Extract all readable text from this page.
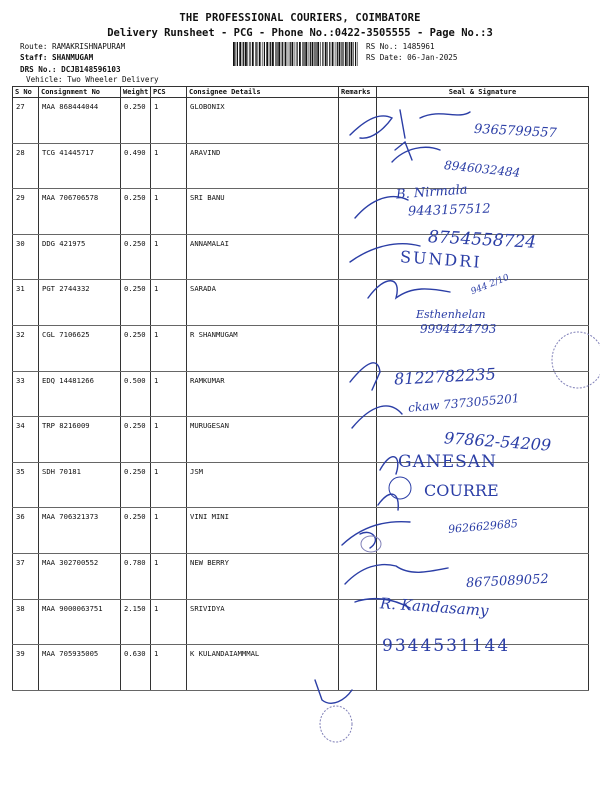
THE PROFESSIONAL COURIERS, COIMBATORE
Delivery Runsheet - PCG - Phone No.:0422-3505555 - Page No.:3
Route: RAMAKRISHNAPURAM
Staff: SHANMUGAM
DRS No.: DCJB148596103
Vehicle: Two Wheeler Delivery
RS No.: 1485961
RS Date: 06-Jan-2025
S No	Consignment No	Weight	PCS	Consignee Details	Remarks	Seal & Signature
27	MAA 868444044	0.250	1	GLOBONIX		
28	TCG 41445717	0.490	1	ARAVIND		
29	MAA 706706578	0.250	1	SRI BANU		
30	DDG 421975	0.250	1	ANNAMALAI		
31	PGT 2744332	0.250	1	SARADA		
32	CGL 7106625	0.250	1	R SHANMUGAM		
33	EDQ 14481266	0.500	1	RAMKUMAR		
34	TRP 8216009	0.250	1	MURUGESAN		
35	SDH 70181	0.250	1	JSM		
36	MAA 706321373	0.250	1	VINI MINI		
37	MAA 302700552	0.780	1	NEW BERRY		
38	MAA 9000063751	2.150	1	SRIVIDYA		
39	MAA 705935005	0.630	1	K KULANDAIAMMMAL		
9365799557
8946032484
B. Nirmala
9443157512
8754558724
SUNDRI
944 2/10
Esthenhelan
9994424793
8122782235
ckaw 7373055201
97862-54209
GANESAN
COURRE
9626629685
8675089052
R. Kandasamy
9344531144
